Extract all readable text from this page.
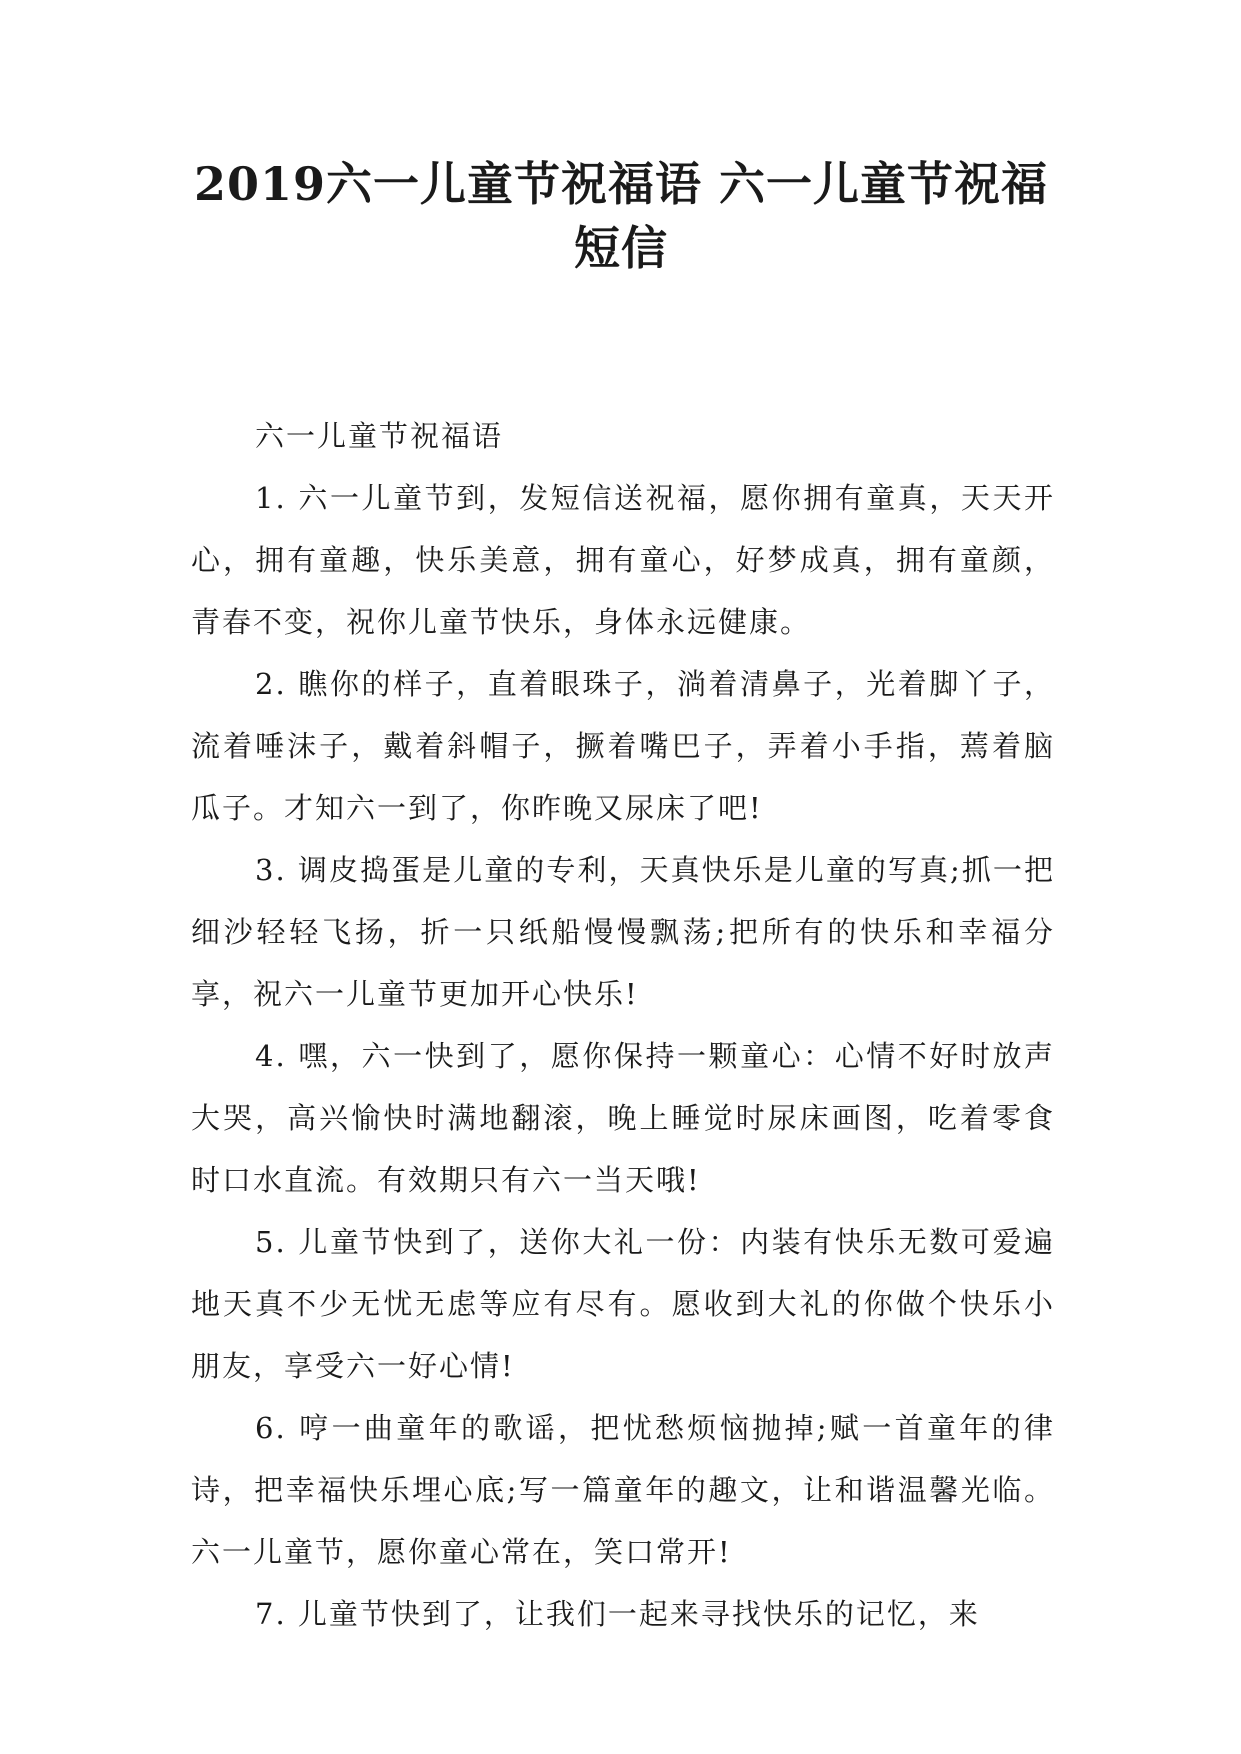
2019六一儿童节祝福语 六一儿童节祝福短信

六一儿童节祝福语

1. 六一儿童节到，发短信送祝福，愿你拥有童真，天天开心，拥有童趣，快乐美意，拥有童心，好梦成真，拥有童颜，青春不变，祝你儿童节快乐，身体永远健康。

2. 瞧你的样子，直着眼珠子，淌着清鼻子，光着脚丫子，流着唾沫子，戴着斜帽子，撅着嘴巴子，弄着小手指，蔫着脑瓜子。才知六一到了，你昨晚又尿床了吧!

3. 调皮捣蛋是儿童的专利，天真快乐是儿童的写真;抓一把细沙轻轻飞扬，折一只纸船慢慢飘荡;把所有的快乐和幸福分享，祝六一儿童节更加开心快乐!

4. 嘿，六一快到了，愿你保持一颗童心：心情不好时放声大哭，高兴愉快时满地翻滚，晚上睡觉时尿床画图，吃着零食时口水直流。有效期只有六一当天哦!

5. 儿童节快到了，送你大礼一份：内装有快乐无数可爱遍地天真不少无忧无虑等应有尽有。愿收到大礼的你做个快乐小朋友，享受六一好心情!

6. 哼一曲童年的歌谣，把忧愁烦恼抛掉;赋一首童年的律诗，把幸福快乐埋心底;写一篇童年的趣文，让和谐温馨光临。六一儿童节，愿你童心常在，笑口常开!

7. 儿童节快到了，让我们一起来寻找快乐的记忆，来
